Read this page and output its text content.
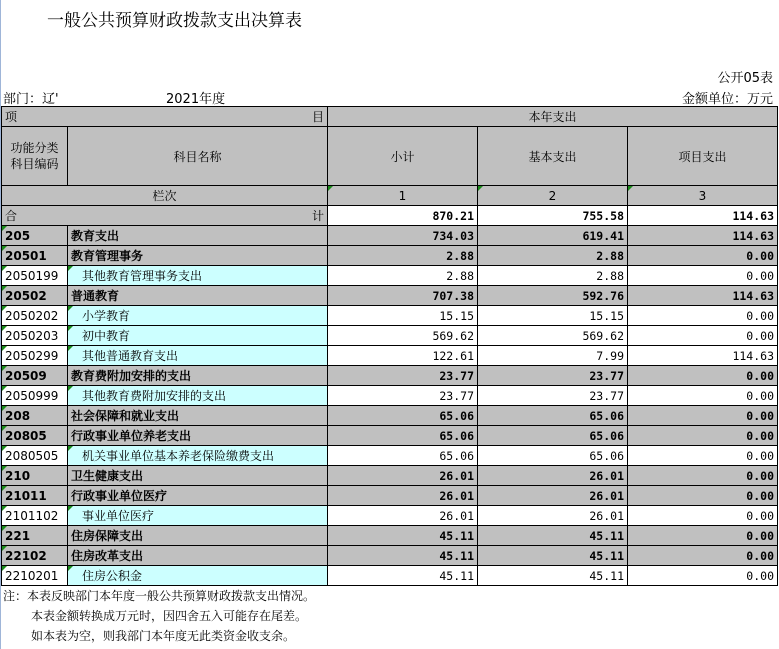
一般公共预算财政拨款支出决算表
公开05表
部门：辽'	2021年度	金额单位：万元
项 目		本年支出		

功能分类
科目编码	科目名称	小计	基本支出	项目支出
栏次		1	2	3
合 计		870.21	755.58	114.63
205	教育支出	734.03	619.41	114.63
20501	教育管理事务	2.88	2.88	0.00
2050199	其他教育管理事务支出	2.88	2.88	0.00
20502	普通教育	707.38	592.76	114.63
2050202	小学教育	15.15	15.15	0.00
2050203	初中教育	569.62	569.62	0.00
2050299	其他普通教育支出	122.61	7.99	114.63
20509	教育费附加安排的支出	23.77	23.77	0.00
2050999	其他教育费附加安排的支出	23.77	23.77	0.00
208	社会保障和就业支出	65.06	65.06	0.00
20805	行政事业单位养老支出	65.06	65.06	0.00
2080505	机关事业单位基本养老保险缴费支出	65.06	65.06	0.00
210	卫生健康支出	26.01	26.01	0.00
21011	行政事业单位医疗	26.01	26.01	0.00
2101102	事业单位医疗	26.01	26.01	0.00
221	住房保障支出	45.11	45.11	0.00
22102	住房改革支出	45.11	45.11	0.00
2210201	住房公积金	45.11	45.11	0.00
注：本表反映部门本年度一般公共预算财政拨款支出情况。
本表金额转换成万元时，因四舍五入可能存在尾差。
如本表为空，则我部门本年度无此类资金收支余。
